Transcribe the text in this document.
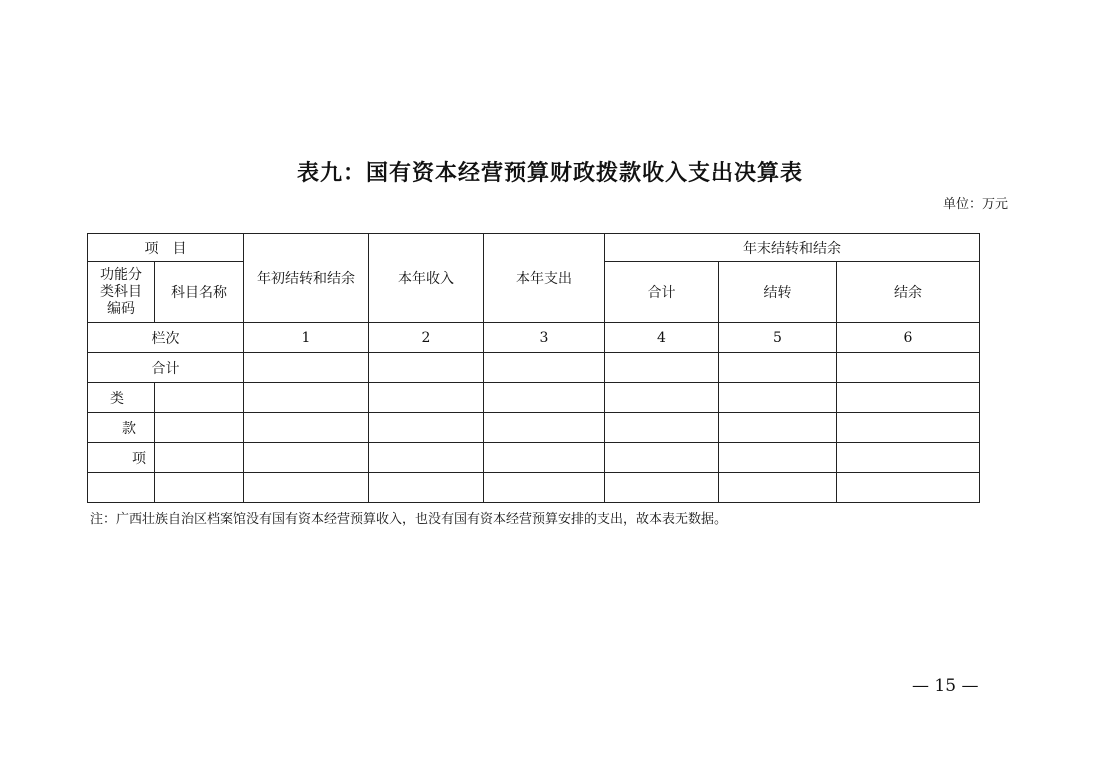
表九：国有资本经营预算财政拨款收入支出决算表
单位：万元
项　目		年初结转和结余	本年收入	本年支出	年末结转和结余		
功能分类科目编码	科目名称				合计	结转	结余
栏次		1	2	3	4	5	6
合计							
类							
款							
项							

注：广西壮族自治区档案馆没有国有资本经营预算收入，也没有国有资本经营预算安排的支出，故本表无数据。
— 15 —
